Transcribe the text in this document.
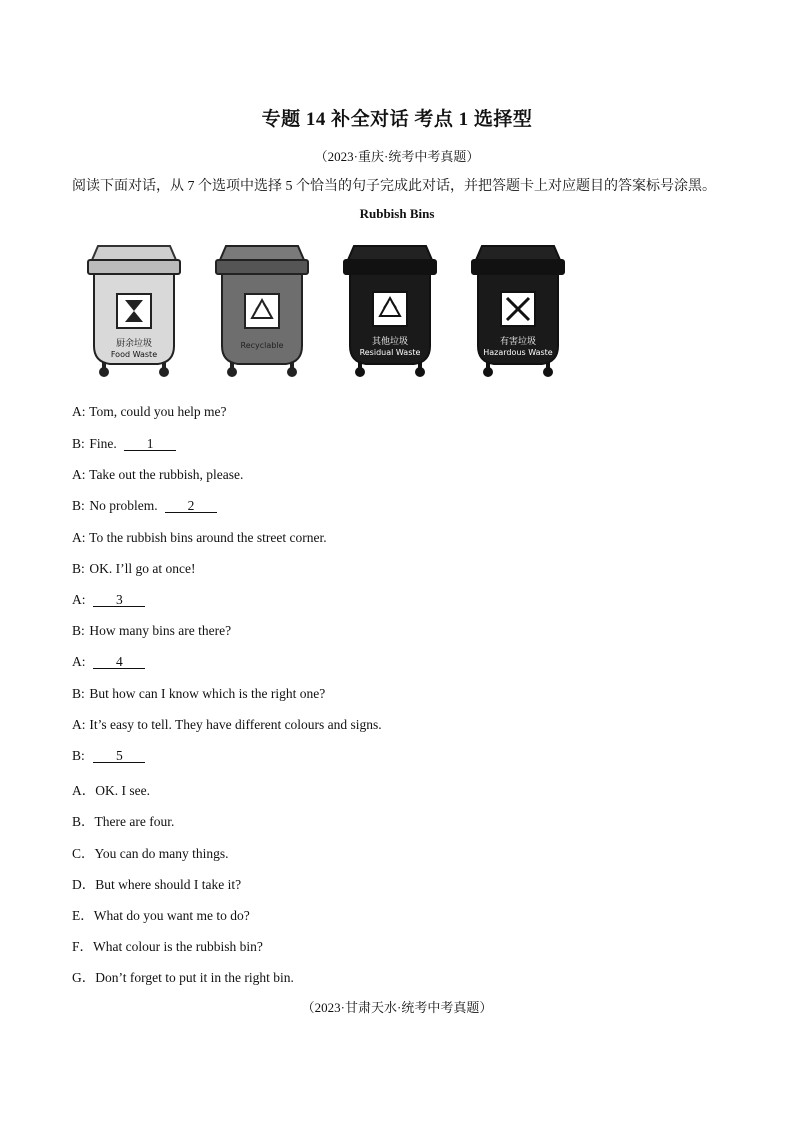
专题 14 补全对话 考点 1 选择型
（2023·重庆·统考中考真题）
阅读下面对话，从 7 个选项中选择 5 个恰当的句子完成此对话，并把答题卡上对应题目的答案标号涂黑。
Rubbish Bins
厨余垃圾
Food Waste
Recyclable	其他垃圾
Residual Waste
有害垃圾
Hazardous Waste
A: Tom, could you help me?
B: Fine. 1
A: Take out the rubbish, please.
B: No problem. 2
A: To the rubbish bins around the street corner.
B: OK. I’ll go at once!
A: 3
B: How many bins are there?
A: 4
B: But how can I know which is the right one?
A: It’s easy to tell. They have different colours and signs.
B: 5
A．OK. I see.
B．There are four.
C．You can do many things.
D．But where should I take it?
E．What do you want me to do?
F．What colour is the rubbish bin?
G．Don’t forget to put it in the right bin.
（2023·甘肃天水·统考中考真题）
